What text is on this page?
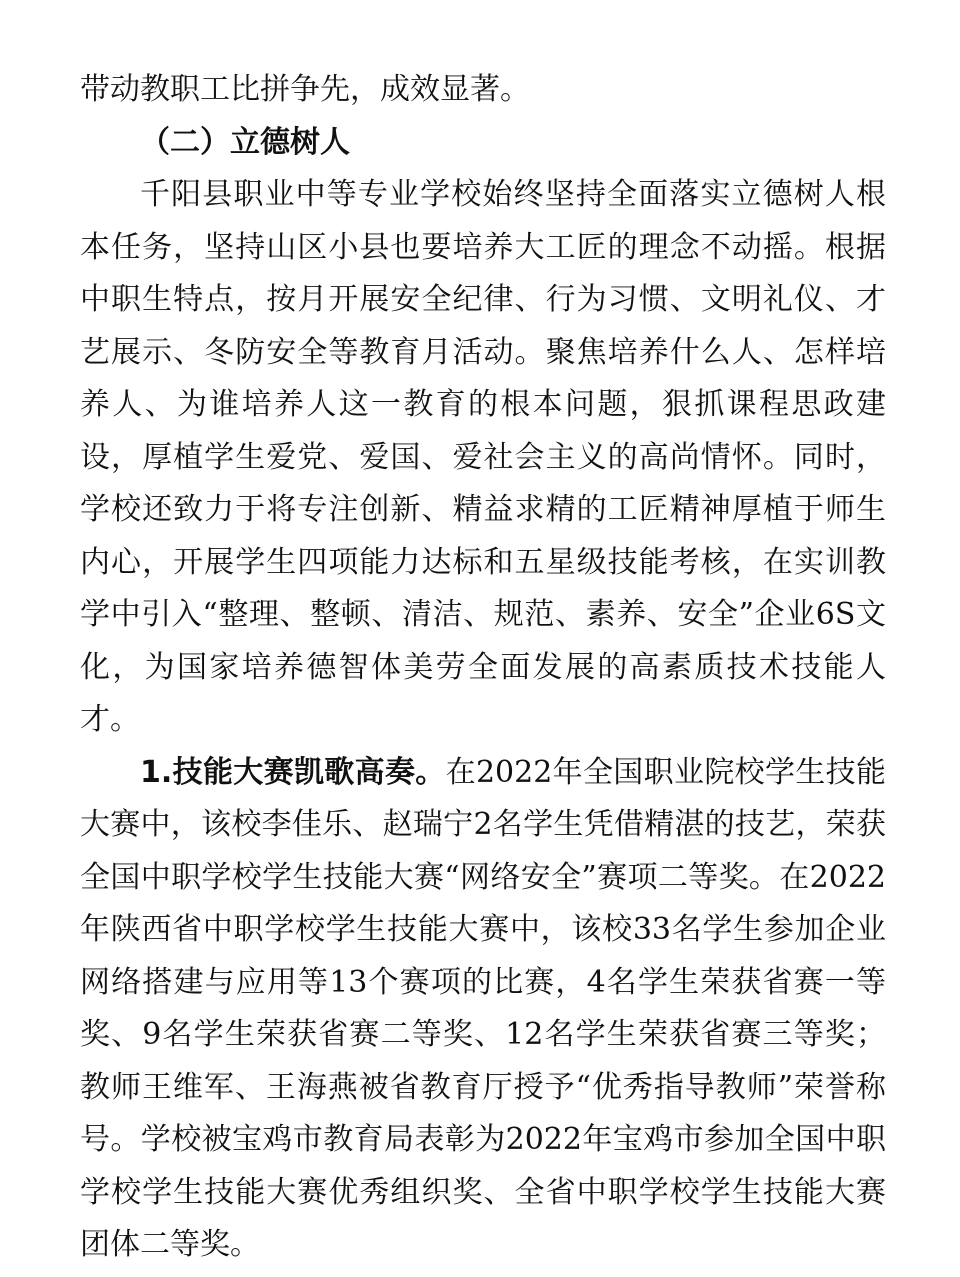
带动教职工比拼争先，成效显著。

（二）立德树人

千阳县职业中等专业学校始终坚持全面落实立德树人根本任务，坚持山区小县也要培养大工匠的理念不动摇。根据中职生特点，按月开展安全纪律、行为习惯、文明礼仪、才艺展示、冬防安全等教育月活动。聚焦培养什么人、怎样培养人、为谁培养人这一教育的根本问题，狠抓课程思政建设，厚植学生爱党、爱国、爱社会主义的高尚情怀。同时，学校还致力于将专注创新、精益求精的工匠精神厚植于师生内心，开展学生四项能力达标和五星级技能考核，在实训教学中引入“整理、整顿、清洁、规范、素养、安全”企业6S文化，为国家培养德智体美劳全面发展的高素质技术技能人才。

1.技能大赛凯歌高奏。在2022年全国职业院校学生技能大赛中，该校李佳乐、赵瑞宁2名学生凭借精湛的技艺，荣获全国中职学校学生技能大赛“网络安全”赛项二等奖。在2022年陕西省中职学校学生技能大赛中，该校33名学生参加企业网络搭建与应用等13个赛项的比赛，4名学生荣获省赛一等奖、9名学生荣获省赛二等奖、12名学生荣获省赛三等奖；教师王维军、王海燕被省教育厅授予“优秀指导教师”荣誉称号。学校被宝鸡市教育局表彰为2022年宝鸡市参加全国中职学校学生技能大赛优秀组织奖、全省中职学校学生技能大赛团体二等奖。
